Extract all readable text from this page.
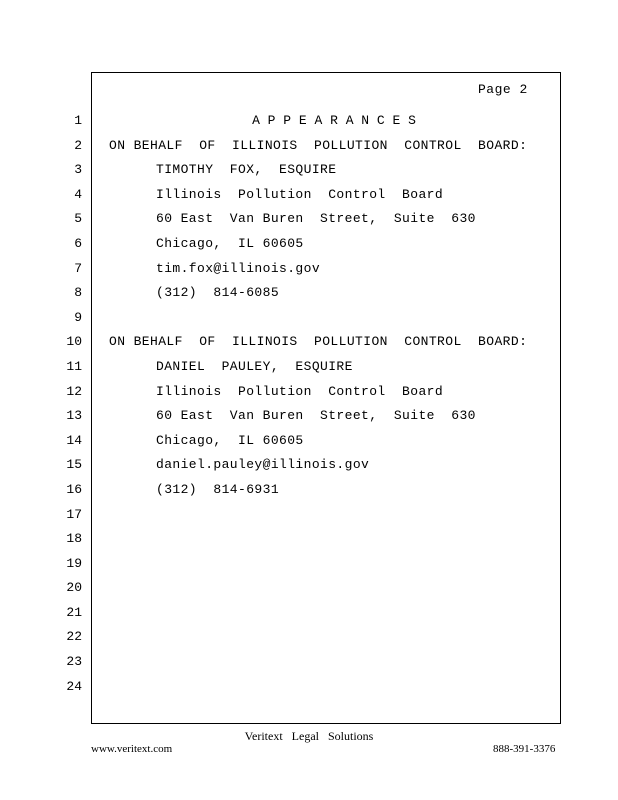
Page 2
1
2
3
4
5
6
7
8
9
10
11
12
13
14
15
16
17
18
19
20
21
22
23
24
A P P E A R A N C E S
ON BEHALF  OF  ILLINOIS  POLLUTION  CONTROL  BOARD:
TIMOTHY  FOX,  ESQUIRE
Illinois  Pollution  Control  Board
60 East  Van Buren  Street,  Suite  630
Chicago,  IL 60605
tim.fox@illinois.gov
(312)  814-6085
ON BEHALF  OF  ILLINOIS  POLLUTION  CONTROL  BOARD:
DANIEL  PAULEY,  ESQUIRE
Illinois  Pollution  Control  Board
60 East  Van Buren  Street,  Suite  630
Chicago,  IL 60605
daniel.pauley@illinois.gov
(312)  814-6931
Veritext Legal Solutions
www.veritext.com	888-391-3376
